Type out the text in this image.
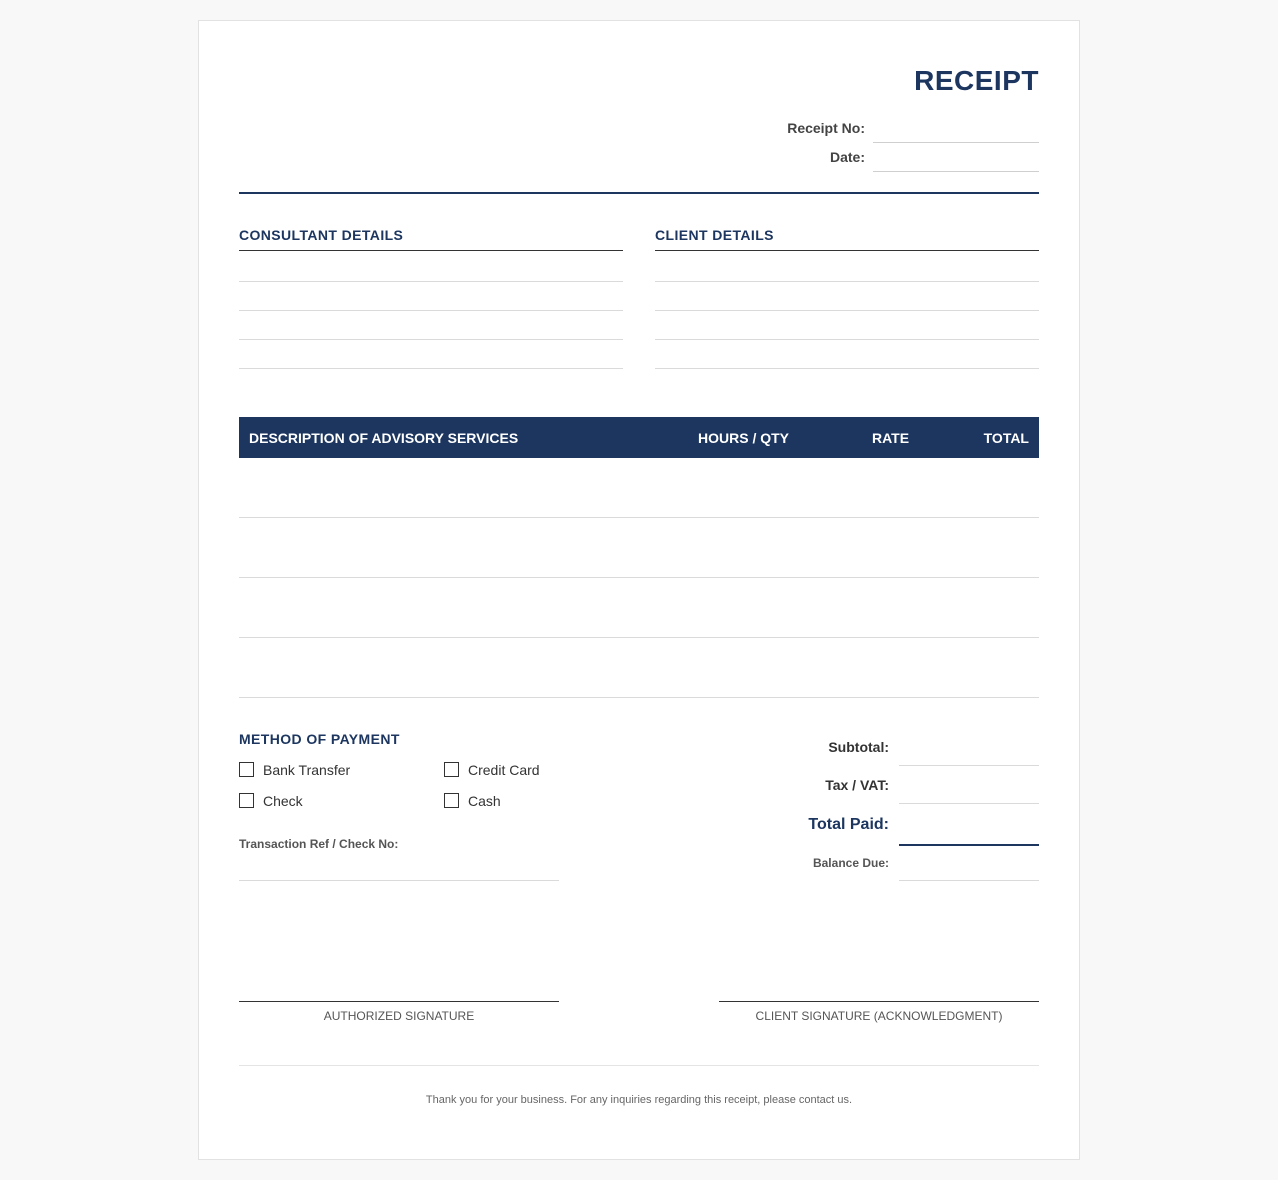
RECEIPT
Receipt No:
Date:
CONSULTANT DETAILS	CLIENT DETAILS
DESCRIPTION OF ADVISORY SERVICES	HOURS / QTY	RATE	TOTAL
METHOD OF PAYMENT
Bank Transfer	Credit Card
Check	Cash
Transaction Ref / Check No:
Subtotal:
Tax / VAT:
Total Paid:
Balance Due:
AUTHORIZED SIGNATURE	CLIENT SIGNATURE (ACKNOWLEDGMENT)
Thank you for your business. For any inquiries regarding this receipt, please contact us.
